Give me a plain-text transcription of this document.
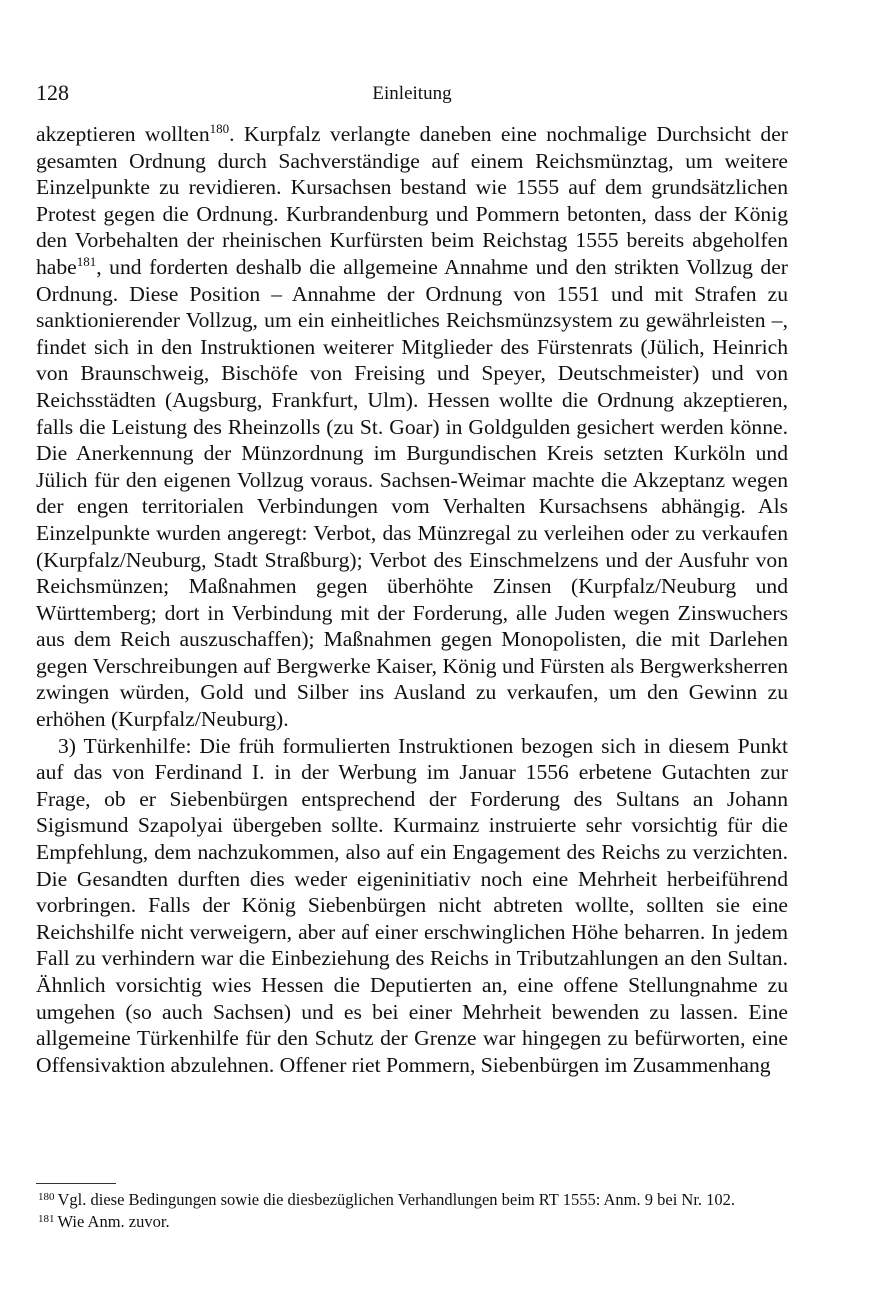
128	Einleitung

akzeptieren wollten$^{180}$. Kurpfalz verlangte daneben eine nochmalige Durchsicht der gesamten Ordnung durch Sachverständige auf einem Reichsmünztag, um weitere Einzelpunkte zu revidieren. Kursachsen bestand wie 1555 auf dem grundsätzlichen Protest gegen die Ordnung. Kurbrandenburg und Pommern betonten, dass der König den Vorbehalten der rheinischen Kurfürsten beim Reichstag 1555 bereits abgeholfen habe$^{181}$, und forderten deshalb die allgemeine Annahme und den strikten Vollzug der Ordnung. Diese Position – Annahme der Ordnung von 1551 und mit Strafen zu sanktionierender Vollzug, um ein einheitliches Reichsmünzsystem zu gewährleisten –, findet sich in den Instruktionen weiterer Mitglieder des Fürstenrats (Jülich, Heinrich von Braunschweig, Bischöfe von Freising und Speyer, Deutschmeister) und von Reichsstädten (Augsburg, Frankfurt, Ulm). Hessen wollte die Ordnung akzeptieren, falls die Leistung des Rheinzolls (zu St. Goar) in Goldgulden gesichert werden könne. Die Anerkennung der Münzordnung im Burgundischen Kreis setzten Kurköln und Jülich für den eigenen Vollzug voraus. Sachsen-Weimar machte die Akzeptanz wegen der engen territorialen Verbindungen vom Verhalten Kursachsens abhängig. Als Einzelpunkte wurden angeregt: Verbot, das Münzregal zu verleihen oder zu verkaufen (Kurpfalz/Neuburg, Stadt Straßburg); Verbot des Einschmelzens und der Ausfuhr von Reichsmünzen; Maßnahmen gegen überhöhte Zinsen (Kurpfalz/Neuburg und Württemberg; dort in Verbindung mit der Forderung, alle Juden wegen Zinswuchers aus dem Reich auszuschaffen); Maßnahmen gegen Monopolisten, die mit Darlehen gegen Verschreibungen auf Bergwerke Kaiser, König und Fürsten als Bergwerksherren zwingen würden, Gold und Silber ins Ausland zu verkaufen, um den Gewinn zu erhöhen (Kurpfalz/Neuburg).

3) Türkenhilfe: Die früh formulierten Instruktionen bezogen sich in diesem Punkt auf das von Ferdinand I. in der Werbung im Januar 1556 erbetene Gutachten zur Frage, ob er Siebenbürgen entsprechend der Forderung des Sultans an Johann Sigismund Szapolyai übergeben sollte. Kurmainz instruierte sehr vorsichtig für die Empfehlung, dem nachzukommen, also auf ein Engagement des Reichs zu verzichten. Die Gesandten durften dies weder eigeninitiativ noch eine Mehrheit herbeiführend vorbringen. Falls der König Siebenbürgen nicht abtreten wollte, sollten sie eine Reichshilfe nicht verweigern, aber auf einer erschwinglichen Höhe beharren. In jedem Fall zu verhindern war die Einbeziehung des Reichs in Tributzahlungen an den Sultan. Ähnlich vorsichtig wies Hessen die Deputierten an, eine offene Stellungnahme zu umgehen (so auch Sachsen) und es bei einer Mehrheit bewenden zu lassen. Eine allgemeine Türkenhilfe für den Schutz der Grenze war hingegen zu befürworten, eine Offensivaktion abzulehnen. Offener riet Pommern, Siebenbürgen im Zusammenhang

$^{180}$ Vgl. diese Bedingungen sowie die diesbezüglichen Verhandlungen beim RT 1555: Anm. 9 bei Nr. 102.

$^{181}$ Wie Anm. zuvor.
